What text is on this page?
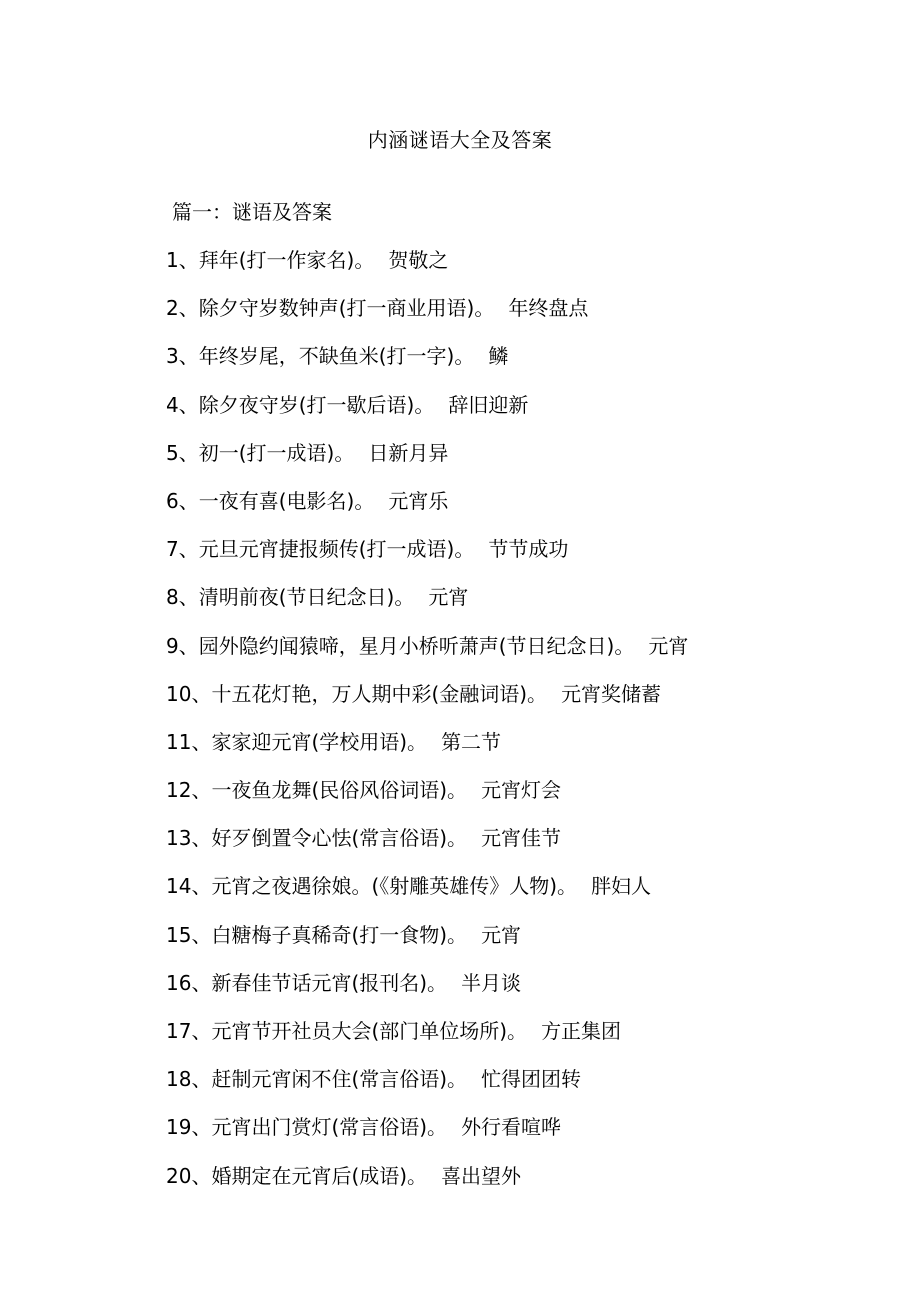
内涵谜语大全及答案
篇一：谜语及答案
1、拜年(打一作家名)。 贺敬之
2、除夕守岁数钟声(打一商业用语)。 年终盘点
3、年终岁尾，不缺鱼米(打一字)。 鳞
4、除夕夜守岁(打一歇后语)。 辞旧迎新
5、初一(打一成语)。 日新月异
6、一夜有喜(电影名)。 元宵乐
7、元旦元宵捷报频传(打一成语)。 节节成功
8、清明前夜(节日纪念日)。 元宵
9、园外隐约闻猿啼，星月小桥听萧声(节日纪念日)。 元宵
10、十五花灯艳，万人期中彩(金融词语)。 元宵奖储蓄
11、家家迎元宵(学校用语)。 第二节
12、一夜鱼龙舞(民俗风俗词语)。 元宵灯会
13、好歹倒置令心怯(常言俗语)。 元宵佳节
14、元宵之夜遇徐娘。(《射雕英雄传》人物)。 胖妇人
15、白糖梅子真稀奇(打一食物)。 元宵
16、新春佳节话元宵(报刊名)。 半月谈
17、元宵节开社员大会(部门单位场所)。 方正集团
18、赶制元宵闲不住(常言俗语)。 忙得团团转
19、元宵出门赏灯(常言俗语)。 外行看喧哗
20、婚期定在元宵后(成语)。 喜出望外
